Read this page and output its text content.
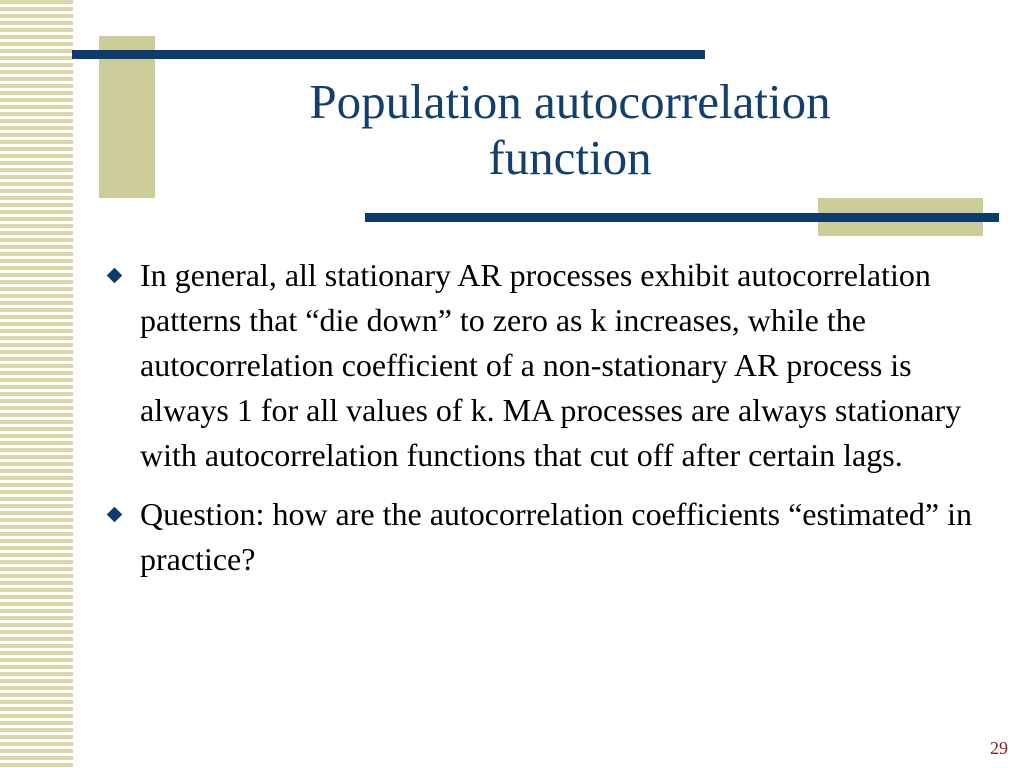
Population autocorrelation
function
In general, all stationary AR processes exhibit autocorrelation patterns that “die down” to zero as k increases, while the autocorrelation coefficient of a non-stationary AR process is always 1 for all values of k. MA processes are always stationary with autocorrelation functions that cut off after certain lags.
Question: how are the autocorrelation coefficients “estimated” in practice?
29
